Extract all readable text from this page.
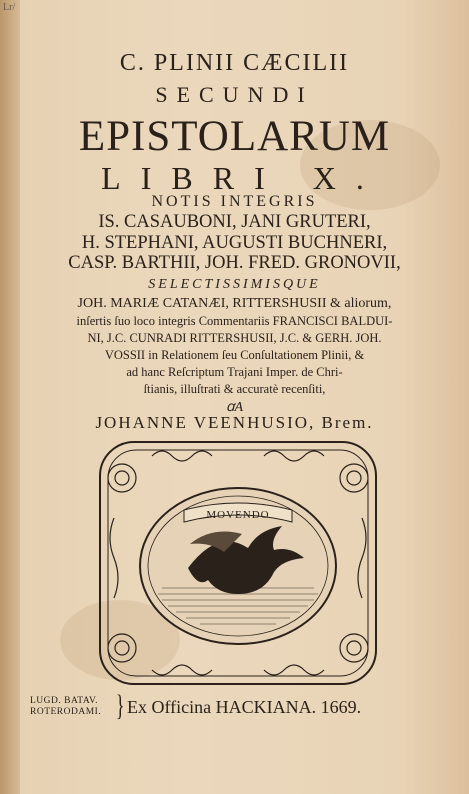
Lr/
C. PLINII CÆCILII
SECUNDI
EPISTOLARUM
LIBRI X.
NOTIS INTEGRIS
IS. CASAUBONI, JANI GRUTERI,
H. STEPHANI, AUGUSTI BUCHNERI,
CASP. BARTHII, JOH. FRED. GRONOVII,
SELECTISSIMISQUE
JOH. MARIÆ CATANÆI, RITTERSHUSII & aliorum,
inſertis ſuo loco integris Commentariis FRANCISCI BALDUI-
NI, J.C. CUNRADI RITTERSHUSII, J.C. & GERH. JOH.
VOSSII in Relationem ſeu Conſultationem Plinii, &
ad hanc Reſcriptum Trajani Imper. de Chri-
ſtianis, illuſtrati & accuratè recenſiti,
ꭤA
JOHANNE VEENHUSIO, Brem.
MOVENDO
LUGD. BATAV.
ROTERODAMI. } Ex Officina HACKIANA. 1669.
